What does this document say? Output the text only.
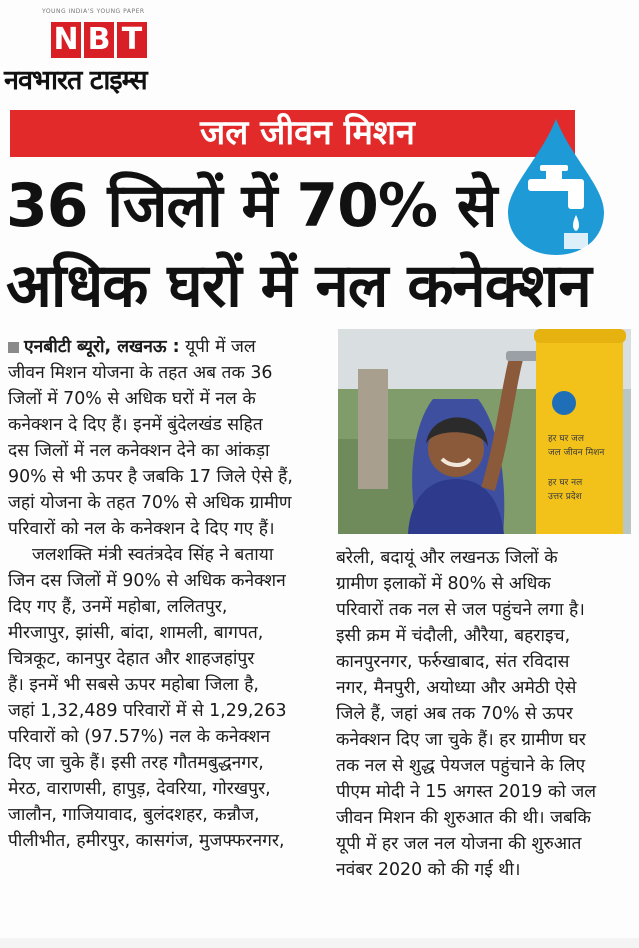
YOUNG INDIA'S YOUNG PAPER
N B T
नवभारत टाइम्स
जल जीवन मिशन
36 जिलों में 70% से
अधिक घरों में नल कनेक्शन
एनबीटी ब्यूरो, लखनऊ : यूपी में जल
जीवन मिशन योजना के तहत अब तक 36
जिलों में 70% से अधिक घरों में नल के
कनेक्शन दे दिए हैं। इनमें बुंदेलखंड सहित
दस जिलों में नल कनेक्शन देने का आंकड़ा
90% से भी ऊपर है जबकि 17 जिले ऐसे हैं,
जहां योजना के तहत 70% से अधिक ग्रामीण
परिवारों को नल के कनेक्शन दे दिए गए हैं।
जलशक्ति मंत्री स्वतंत्रदेव सिंह ने बताया
जिन दस जिलों में 90% से अधिक कनेक्शन
दिए गए हैं, उनमें महोबा, ललितपुर,
मीरजापुर, झांसी, बांदा, शामली, बागपत,
चित्रकूट, कानपुर देहात और शाहजहांपुर
हैं। इनमें भी सबसे ऊपर महोबा जिला है,
जहां 1,32,489 परिवारों में से 1,29,263
परिवारों को (97.57%) नल के कनेक्शन
दिए जा चुके हैं। इसी तरह गौतमबुद्धनगर,
मेरठ, वाराणसी, हापुड़, देवरिया, गोरखपुर,
जालौन, गाजियावाद, बुलंदशहर, कन्नौज,
पीलीभीत, हमीरपुर, कासगंज, मुजफ्फरनगर,
हर घर जल
जल जीवन मिशन
हर घर नल
उत्तर प्रदेश
बरेली, बदायूं और लखनऊ जिलों के
ग्रामीण इलाकों में 80% से अधिक
परिवारों तक नल से जल पहुंचने लगा है।
इसी क्रम में चंदौली, औरैया, बहराइच,
कानपुरनगर, फर्रुखाबाद, संत रविदास
नगर, मैनपुरी, अयोध्या और अमेठी ऐसे
जिले हैं, जहां अब तक 70% से ऊपर
कनेक्शन दिए जा चुके हैं। हर ग्रामीण घर
तक नल से शुद्ध पेयजल पहुंचाने के लिए
पीएम मोदी ने 15 अगस्त 2019 को जल
जीवन मिशन की शुरुआत की थी। जबकि
यूपी में हर जल नल योजना की शुरुआत
नवंबर 2020 को की गई थी।
